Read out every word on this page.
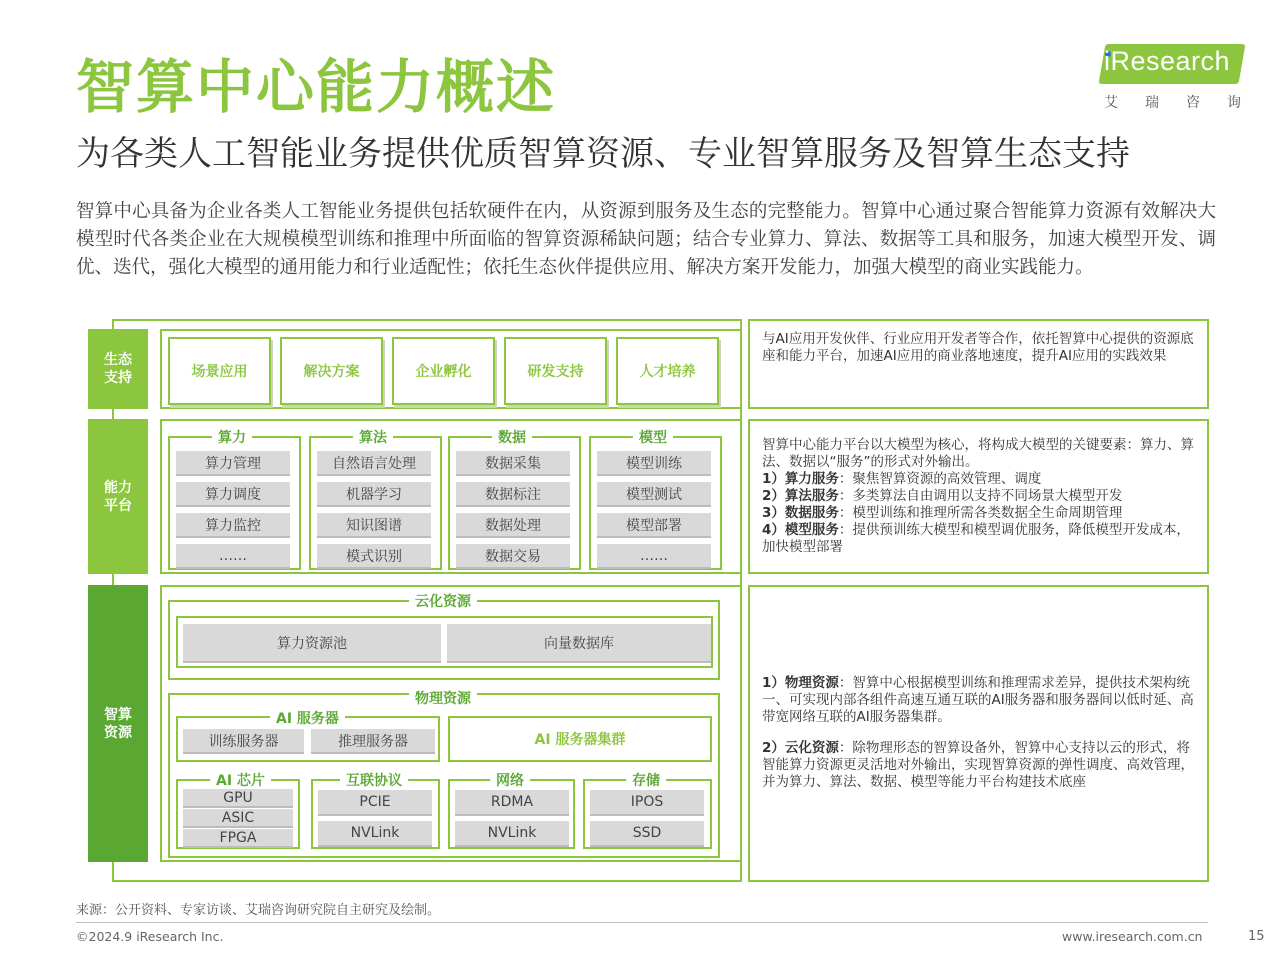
智算中心能力概述
为各类人工智能业务提供优质智算资源、专业智算服务及智算生态支持
智算中心具备为企业各类人工智能业务提供包括软硬件在内，从资源到服务及生态的完整能力。智算中心通过聚合智能算力资源有效解决大模型时代各类企业在大规模模型训练和推理中所面临的智算资源稀缺问题；结合专业算力、算法、数据等工具和服务，加速大模型开发、调优、迭代，强化大模型的通用能力和行业适配性；依托生态伙伴提供应用、解决方案开发能力，加强大模型的商业实践能力。
iResearch
艾瑞咨询
生态支持	场景应用	解决方案	企业孵化	研发支持	人才培养
能力平台
算力
算力管理
算力调度
算力监控
……
算法
自然语言处理
机器学习
知识图谱
模式识别
数据
数据采集
数据标注
数据处理
数据交易
模型
模型训练
模型测试
模型部署
……
智算资源
云化资源
算力资源池	向量数据库
物理资源
AI 服务器
训练服务器	推理服务器	AI 服务器集群
AI 芯片
GPU
ASIC
FPGA
互联协议
PCIE
NVLink
网络
RDMA
NVLink
存储
IPOS
SSD

与AI应用开发伙伴、行业应用开发者等合作，依托智算中心提供的资源底座和能力平台，加速AI应用的商业落地速度，提升AI应用的实践效果

智算中心能力平台以大模型为核心，将构成大模型的关键要素：算力、算法、数据以“服务”的形式对外输出。

1）算力服务：聚焦智算资源的高效管理、调度

2）算法服务：多类算法自由调用以支持不同场景大模型开发

3）数据服务：模型训练和推理所需各类数据全生命周期管理

4）模型服务：提供预训练大模型和模型调优服务，降低模型开发成本，加快模型部署

1）物理资源：智算中心根据模型训练和推理需求差异，提供技术架构统一、可实现内部各组件高速互通互联的AI服务器和服务器间以低时延、高带宽网络互联的AI服务器集群。

2）云化资源：除物理形态的智算设备外，智算中心支持以云的形式，将智能算力资源更灵活地对外输出，实现智算资源的弹性调度、高效管理，并为算力、算法、数据、模型等能力平台构建技术底座

来源：公开资料、专家访谈、艾瑞咨询研究院自主研究及绘制。
©2024.9 iResearch Inc.	www.iresearch.com.cn	15
